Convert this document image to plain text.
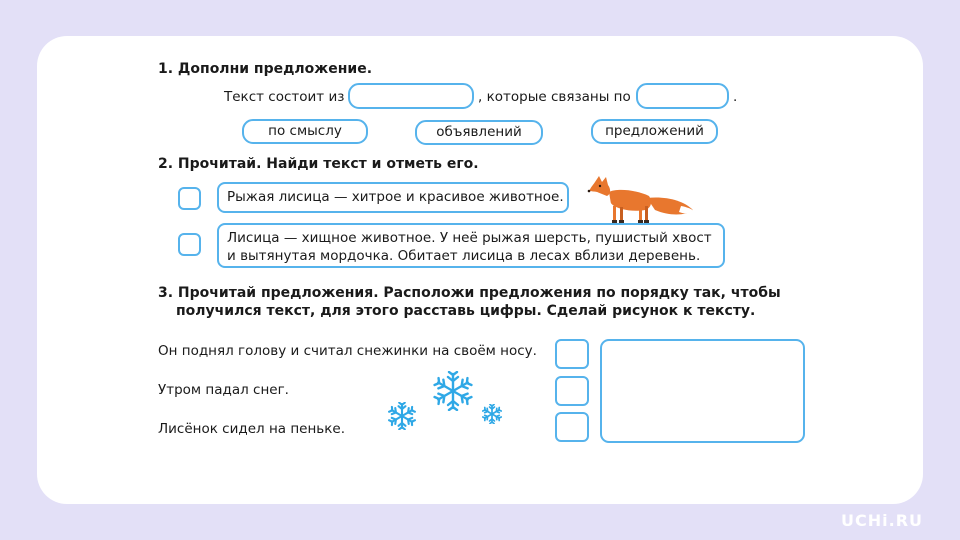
1. Дополни предложение.
Текст состоит из	, которые связаны по	.
по смыслу	объявлений	предложений
2. Прочитай. Найди текст и отметь его.
Рыжая лисица — хитрое и красивое животное.
Лисица — хищное животное. У неё рыжая шерсть, пушистый хвост
и вытянутая мордочка. Обитает лисица в лесах вблизи деревень.
3. Прочитай предложения. Расположи предложения по порядку так, чтобы
получился текст, для этого расставь цифры. Сделай рисунок к тексту.
Он поднял голову и считал снежинки на своём носу.
Утром падал снег.
Лисёнок сидел на пеньке.
UCHi.RU
